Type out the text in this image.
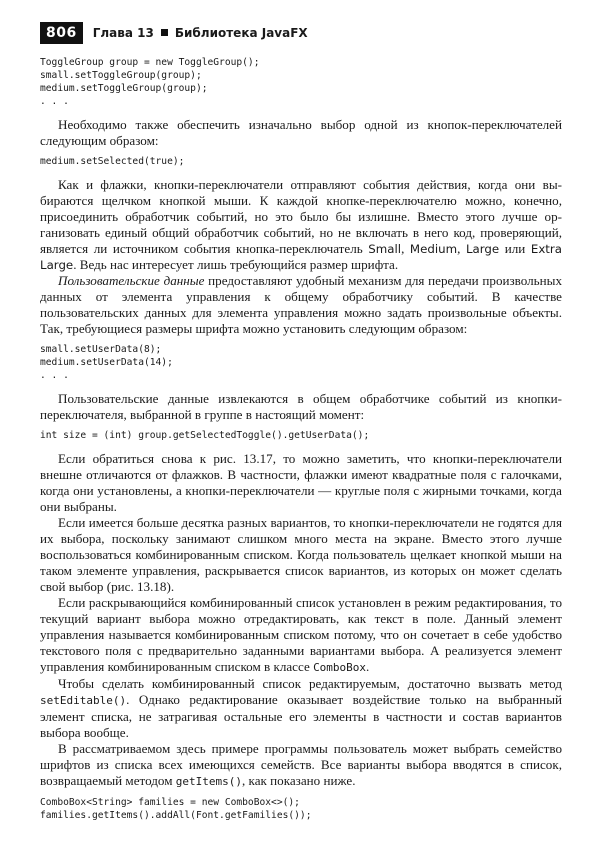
806	Глава 13 Библиотека JavaFX
ToggleGroup group = new ToggleGroup();
small.setToggleGroup(group);
medium.setToggleGroup(group);
. . .

Необходимо также обеспечить изначально выбор одной из кнопок-переключателей следующим образом:

medium.setSelected(true);

Как и флажки, кнопки-переключатели отправляют события действия, когда они выбираются щелчком кнопкой мыши. К каждой кнопке-переключателю можно, конечно, присоединить обработчик событий, но это было бы излишне. Вместо этого лучше организовать единый общий обработчик событий, но не включать в него код, проверяющий, является ли источником события кнопка-переключатель Small, Medium, Large или Extra Large. Ведь нас интересует лишь требующийся размер шрифта.

Пользовательские данные предоставляют удобный механизм для передачи произвольных данных от элемента управления к общему обработчику событий. В качестве пользовательских данных для элемента управления можно задать произвольные объекты. Так, требующиеся размеры шрифта можно установить следующим образом:

small.setUserData(8);
medium.setUserData(14);
. . .

Пользовательские данные извлекаются в общем обработчике событий из кнопки-переключателя, выбранной в группе в настоящий момент:

int size = (int) group.getSelectedToggle().getUserData();

Если обратиться снова к рис. 13.17, то можно заметить, что кнопки-переключатели внешне отличаются от флажков. В частности, флажки имеют квадратные поля с галочками, когда они установлены, а кнопки-переключатели — круглые поля с жирными точками, когда они выбраны.

Если имеется больше десятка разных вариантов, то кнопки-переключатели не годятся для их выбора, поскольку занимают слишком много места на экране. Вместо этого лучше воспользоваться комбинированным списком. Когда пользователь щелкает кнопкой мыши на таком элементе управления, раскрывается список вариантов, из которых он может сделать свой выбор (рис. 13.18).

Если раскрывающийся комбинированный список установлен в режим редактирования, то текущий вариант выбора можно отредактировать, как текст в поле. Данный элемент управления называется комбинированным списком потому, что он сочетает в себе удобство текстового поля с предварительно заданными вариантами выбора. А реализуется элемент управления комбинированным списком в классе ComboBox.

Чтобы сделать комбинированный список редактируемым, достаточно вызвать метод setEditable(). Однако редактирование оказывает воздействие только на выбранный элемент списка, не затрагивая остальные его элементы в частности и состав вариантов выбора вообще.

В рассматриваемом здесь примере программы пользователь может выбрать семейство шрифтов из списка всех имеющихся семейств. Все варианты выбора вводятся в список, возвращаемый методом getItems(), как показано ниже.

ComboBox<String> families = new ComboBox<>();
families.getItems().addAll(Font.getFamilies());
